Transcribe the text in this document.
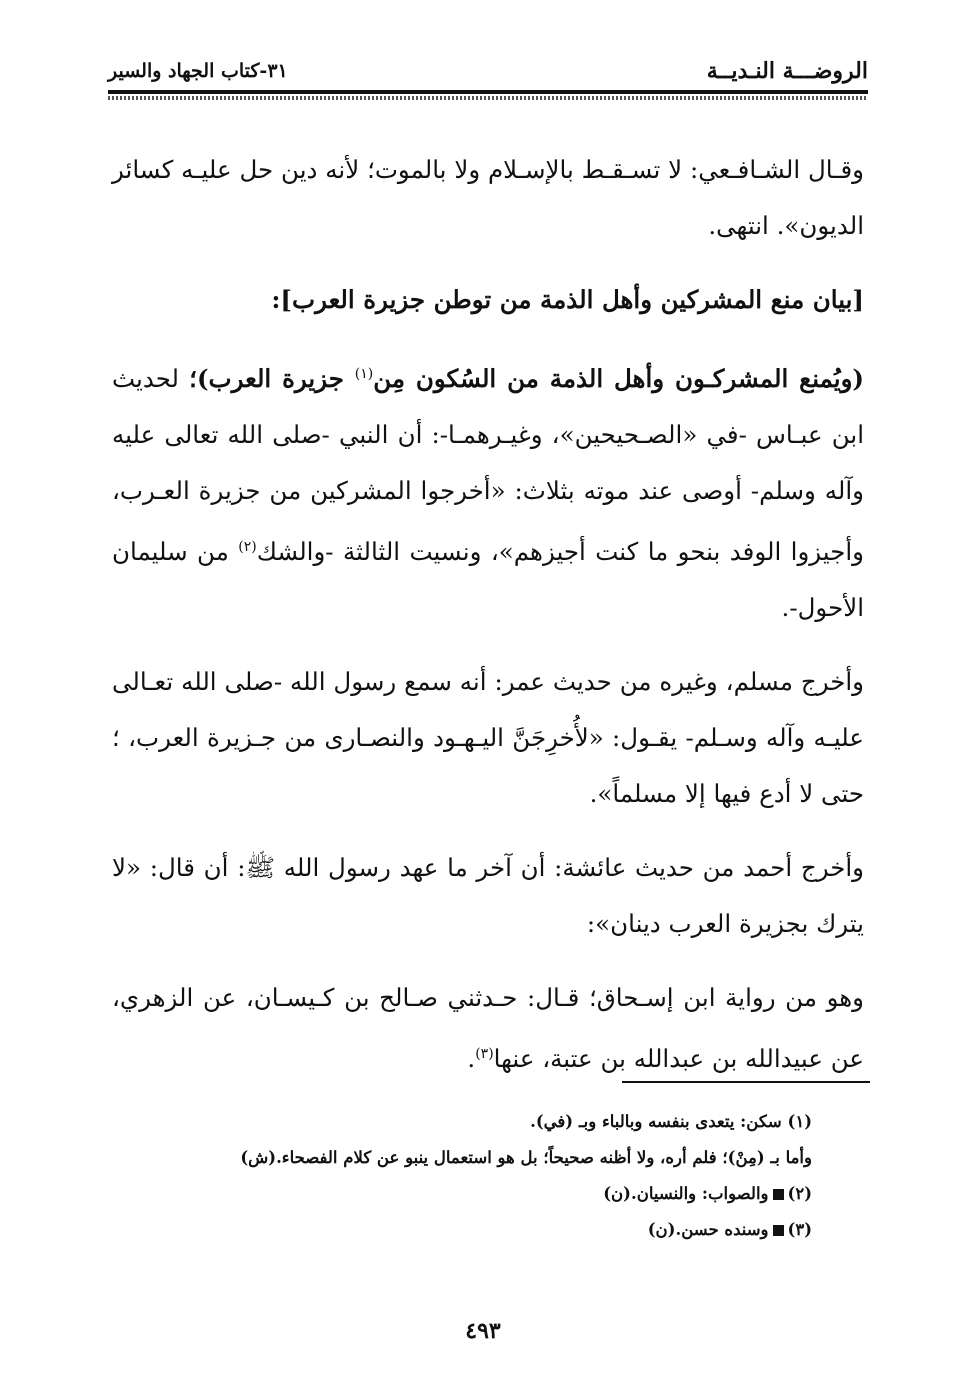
الروضـــة النـديــة
٣١-كتاب الجهاد والسير

وقـال الشـافـعي: لا تسـقـط بالإسـلام ولا بالموت؛ لأنه دين حل عليـه كسائر الديون». انتهى.

[بيان منع المشركين وأهل الذمة من توطن جزيرة العرب]:

(ويُمنع المشركـون وأهل الذمة من السُكون مِن$^{(١)}$ جزيرة العرب)؛ لحديث ابن عبـاس -في «الصـحيحين»، وغيـرهمـا-: أن النبي -صلى الله تعالى عليه وآله وسلم- أوصى عند موته بثلاث: «أخرجوا المشركين من جزيرة العـرب، وأجيزوا الوفد بنحو ما كنت أجيزهم»، ونسيت الثالثة -والشك$^{(٢)}$ من سليمان الأحول-.

وأخرج مسلم، وغيره من حديث عمر: أنه سمع رسول الله -صلى الله تعـالى عليـه وآله وسـلم- يقـول: «لأُخرِجَنَّ اليـهـود والنصـارى من جـزيرة العرب، ؛ حتى لا أدع فيها إلا مسلماً».

وأخرج أحمد من حديث عائشة: أن آخر ما عهد رسول الله ﷺ: أن قال: «لا يترك بجزيرة العرب دينان»:

وهو من رواية ابن إسـحاق؛ قـال: حـدثني صـالح بن كـيسـان، عن الزهري، عن عبيدالله بن عبدالله بن عتبة، عنها$^{(٣)}$.

(١) سكن: يتعدى بنفسه وبالباء وبـ (في).
وأما بـ (مِنْ)؛ فلم أره، ولا أظنه صحيحاً؛ بل هو استعمال ينبو عن كلام الفصحاء.(ش)
(٢)والصواب: والنسيان.(ن)
(٣)وسنده حسن.(ن)
٤٩٣
